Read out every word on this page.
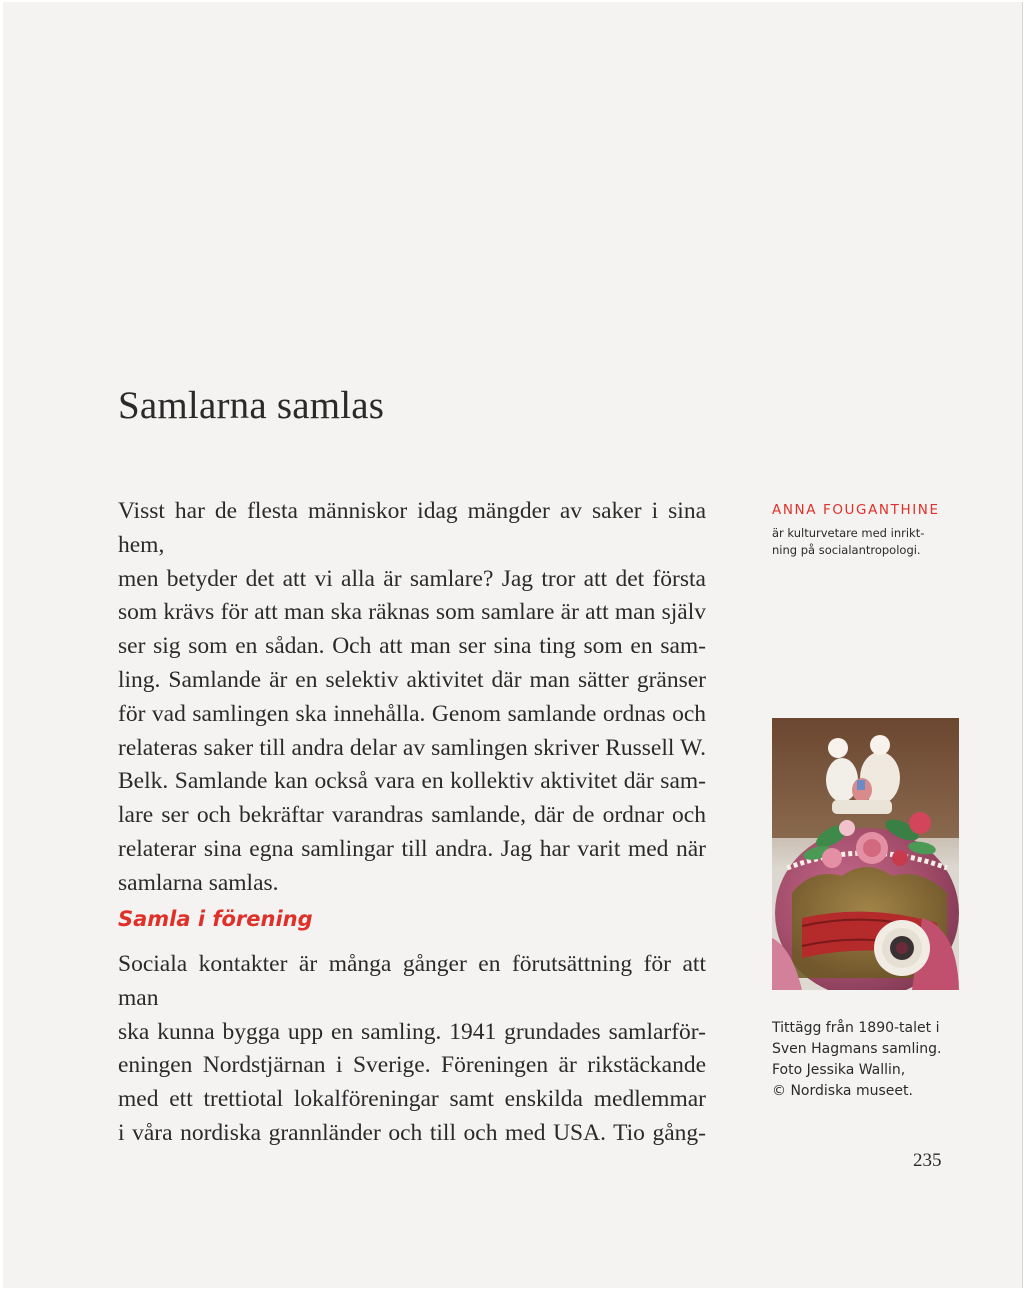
Samlarna samlas
Visst har de flesta människor idag mängder av saker i sina hem,
men betyder det att vi alla är samlare? Jag tror att det första
som krävs för att man ska räknas som samlare är att man själv
ser sig som en sådan. Och att man ser sina ting som en sam-
ling. Samlande är en selektiv aktivitet där man sätter gränser
för vad samlingen ska innehålla. Genom samlande ordnas och
relateras saker till andra delar av samlingen skriver Russell W.
Belk. Samlande kan också vara en kollektiv aktivitet där sam-
lare ser och bekräftar varandras samlande, där de ordnar och
relaterar sina egna samlingar till andra. Jag har varit med när
samlarna samlas.
Samla i förening
Sociala kontakter är många gånger en förutsättning för att man
ska kunna bygga upp en samling. 1941 grundades samlarför-
eningen Nordstjärnan i Sverige. Föreningen är rikstäckande
med ett trettiotal lokalföreningar samt enskilda medlemmar
i våra nordiska grannländer och till och med USA. Tio gång-
ANNA FOUGANTHINE
är kulturvetare med inrikt-
ning på socialantropologi.
Tittägg från 1890-talet i
Sven Hagmans samling.
Foto Jessika Wallin,
© Nordiska museet.
235
